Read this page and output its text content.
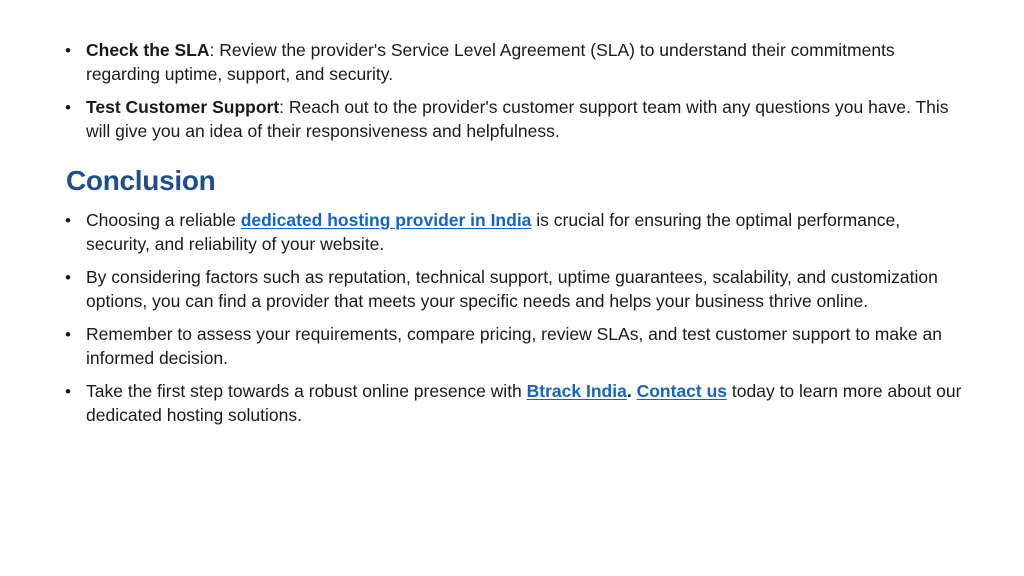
• Check the SLA: Review the provider's Service Level Agreement (SLA) to understand their commitments regarding uptime, support, and security.
• Test Customer Support: Reach out to the provider's customer support team with any questions you have. This will give you an idea of their responsiveness and helpfulness.
Conclusion
• Choosing a reliable dedicated hosting provider in India is crucial for ensuring the optimal performance, security, and reliability of your website.
• By considering factors such as reputation, technical support, uptime guarantees, scalability, and customization options, you can find a provider that meets your specific needs and helps your business thrive online.
• Remember to assess your requirements, compare pricing, review SLAs, and test customer support to make an informed decision.
• Take the first step towards a robust online presence with Btrack India. Contact us today to learn more about our dedicated hosting solutions.
